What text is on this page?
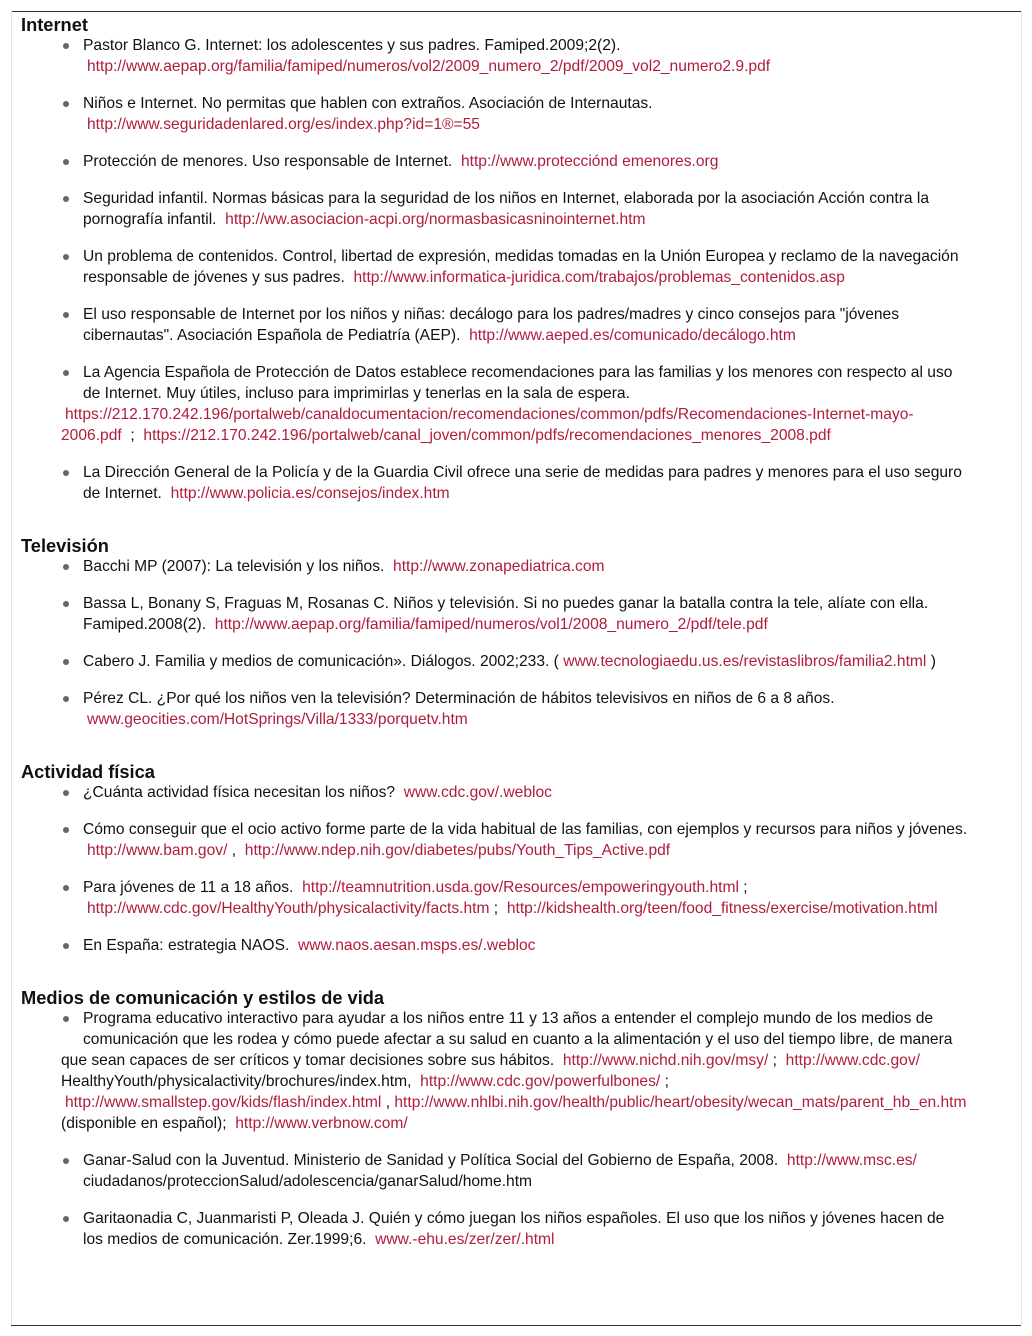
Internet
Pastor Blanco G. Internet: los adolescentes y sus padres. Famiped.2009;2(2).
http://www.aepap.org/familia/famiped/numeros/vol2/2009_numero_2/pdf/2009_vol2_numero2.9.pdf
Niños e Internet. No permitas que hablen con extraños. Asociación de Internautas.
http://www.seguridadenlared.org/es/index.php?id=1®=55
Protección de menores. Uso responsable de Internet. http://www.protecciónd emenores.org
Seguridad infantil. Normas básicas para la seguridad de los niños en Internet, elaborada por la asociación Acción contra la
pornografía infantil. http://ww.asociacion-acpi.org/normasbasicasninointernet.htm
Un problema de contenidos. Control, libertad de expresión, medidas tomadas en la Unión Europea y reclamo de la navegación
responsable de jóvenes y sus padres. http://www.informatica-juridica.com/trabajos/problemas_contenidos.asp
El uso responsable de Internet por los niños y niñas: decálogo para los padres/madres y cinco consejos para "jóvenes
cibernautas". Asociación Española de Pediatría (AEP). http://www.aeped.es/comunicado/decálogo.htm
La Agencia Española de Protección de Datos establece recomendaciones para las familias y los menores con respecto al uso
de Internet. Muy útiles, incluso para imprimirlas y tenerlas en la sala de espera.
https://212.170.242.196/portalweb/canaldocumentacion/recomendaciones/common/pdfs/Recomendaciones-Internet-mayo-
2006.pdf ; https://212.170.242.196/portalweb/canal_joven/common/pdfs/recomendaciones_menores_2008.pdf
La Dirección General de la Policía y de la Guardia Civil ofrece una serie de medidas para padres y menores para el uso seguro
de Internet. http://www.policia.es/consejos/index.htm
Televisión
Bacchi MP (2007): La televisión y los niños. http://www.zonapediatrica.com
Bassa L, Bonany S, Fraguas M, Rosanas C. Niños y televisión. Si no puedes ganar la batalla contra la tele, alíate con ella.
Famiped.2008(2). http://www.aepap.org/familia/famiped/numeros/vol1/2008_numero_2/pdf/tele.pdf
Cabero J. Familia y medios de comunicación». Diálogos. 2002;233. ( www.tecnologiaedu.us.es/revistaslibros/familia2.html )
Pérez CL. ¿Por qué los niños ven la televisión? Determinación de hábitos televisivos en niños de 6 a 8 años.
www.geocities.com/HotSprings/Villa/1333/porquetv.htm
Actividad física
¿Cuánta actividad física necesitan los niños? www.cdc.gov/.webloc
Cómo conseguir que el ocio activo forme parte de la vida habitual de las familias, con ejemplos y recursos para niños y jóvenes.
http://www.bam.gov/ , http://www.ndep.nih.gov/diabetes/pubs/Youth_Tips_Active.pdf
Para jóvenes de 11 a 18 años. http://teamnutrition.usda.gov/Resources/empoweringyouth.html ;
http://www.cdc.gov/HealthyYouth/physicalactivity/facts.htm ; http://kidshealth.org/teen/food_fitness/exercise/motivation.html
En España: estrategia NAOS. www.naos.aesan.msps.es/.webloc
Medios de comunicación y estilos de vida
Programa educativo interactivo para ayudar a los niños entre 11 y 13 años a entender el complejo mundo de los medios de
comunicación que les rodea y cómo puede afectar a su salud en cuanto a la alimentación y el uso del tiempo libre, de manera
que sean capaces de ser críticos y tomar decisiones sobre sus hábitos. http://www.nichd.nih.gov/msy/ ; http://www.cdc.gov/
HealthyYouth/physicalactivity/brochures/index.htm, http://www.cdc.gov/powerfulbones/ ;
http://www.smallstep.gov/kids/flash/index.html , http://www.nhlbi.nih.gov/health/public/heart/obesity/wecan_mats/parent_hb_en.htm
(disponible en español); http://www.verbnow.com/
Ganar-Salud con la Juventud. Ministerio de Sanidad y Política Social del Gobierno de España, 2008. http://www.msc.es/
ciudadanos/proteccionSalud/adolescencia/ganarSalud/home.htm
Garitaonadia C, Juanmaristi P, Oleada J. Quién y cómo juegan los niños españoles. El uso que los niños y jóvenes hacen de
los medios de comunicación. Zer.1999;6. www.-ehu.es/zer/zer/.html
